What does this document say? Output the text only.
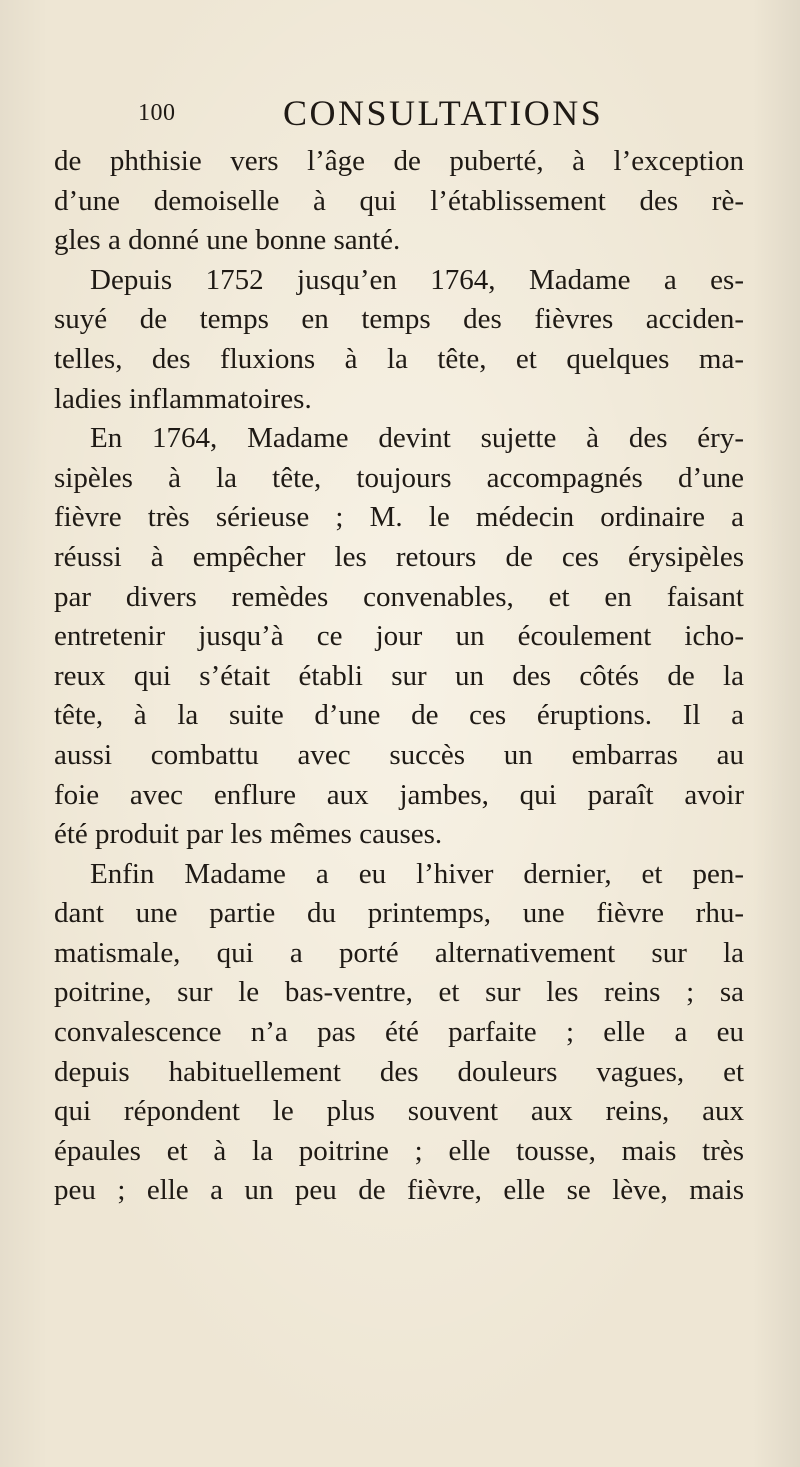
100	CONSULTATIONS
de phthisie vers l’âge de puberté, à l’exception
d’une demoiselle à qui l’établissement des rè-
gles a donné une bonne santé.
Depuis 1752 jusqu’en 1764, Madame a es-
suyé de temps en temps des fièvres acciden-
telles, des fluxions à la tête, et quelques ma-
ladies inflammatoires.
En 1764, Madame devint sujette à des éry-
sipèles à la tête, toujours accompagnés d’une
fièvre très sérieuse ; M. le médecin ordinaire a
réussi à empêcher les retours de ces érysipèles
par divers remèdes convenables, et en faisant
entretenir jusqu’à ce jour un écoulement icho-
reux qui s’était établi sur un des côtés de la
tête, à la suite d’une de ces éruptions. Il a
aussi combattu avec succès un embarras au
foie avec enflure aux jambes, qui paraît avoir
été produit par les mêmes causes.
Enfin Madame a eu l’hiver dernier, et pen-
dant une partie du printemps, une fièvre rhu-
matismale, qui a porté alternativement sur la
poitrine, sur le bas-ventre, et sur les reins ; sa
convalescence n’a pas été parfaite ; elle a eu
depuis habituellement des douleurs vagues, et
qui répondent le plus souvent aux reins, aux
épaules et à la poitrine ; elle tousse, mais très
peu ; elle a un peu de fièvre, elle se lève, mais
